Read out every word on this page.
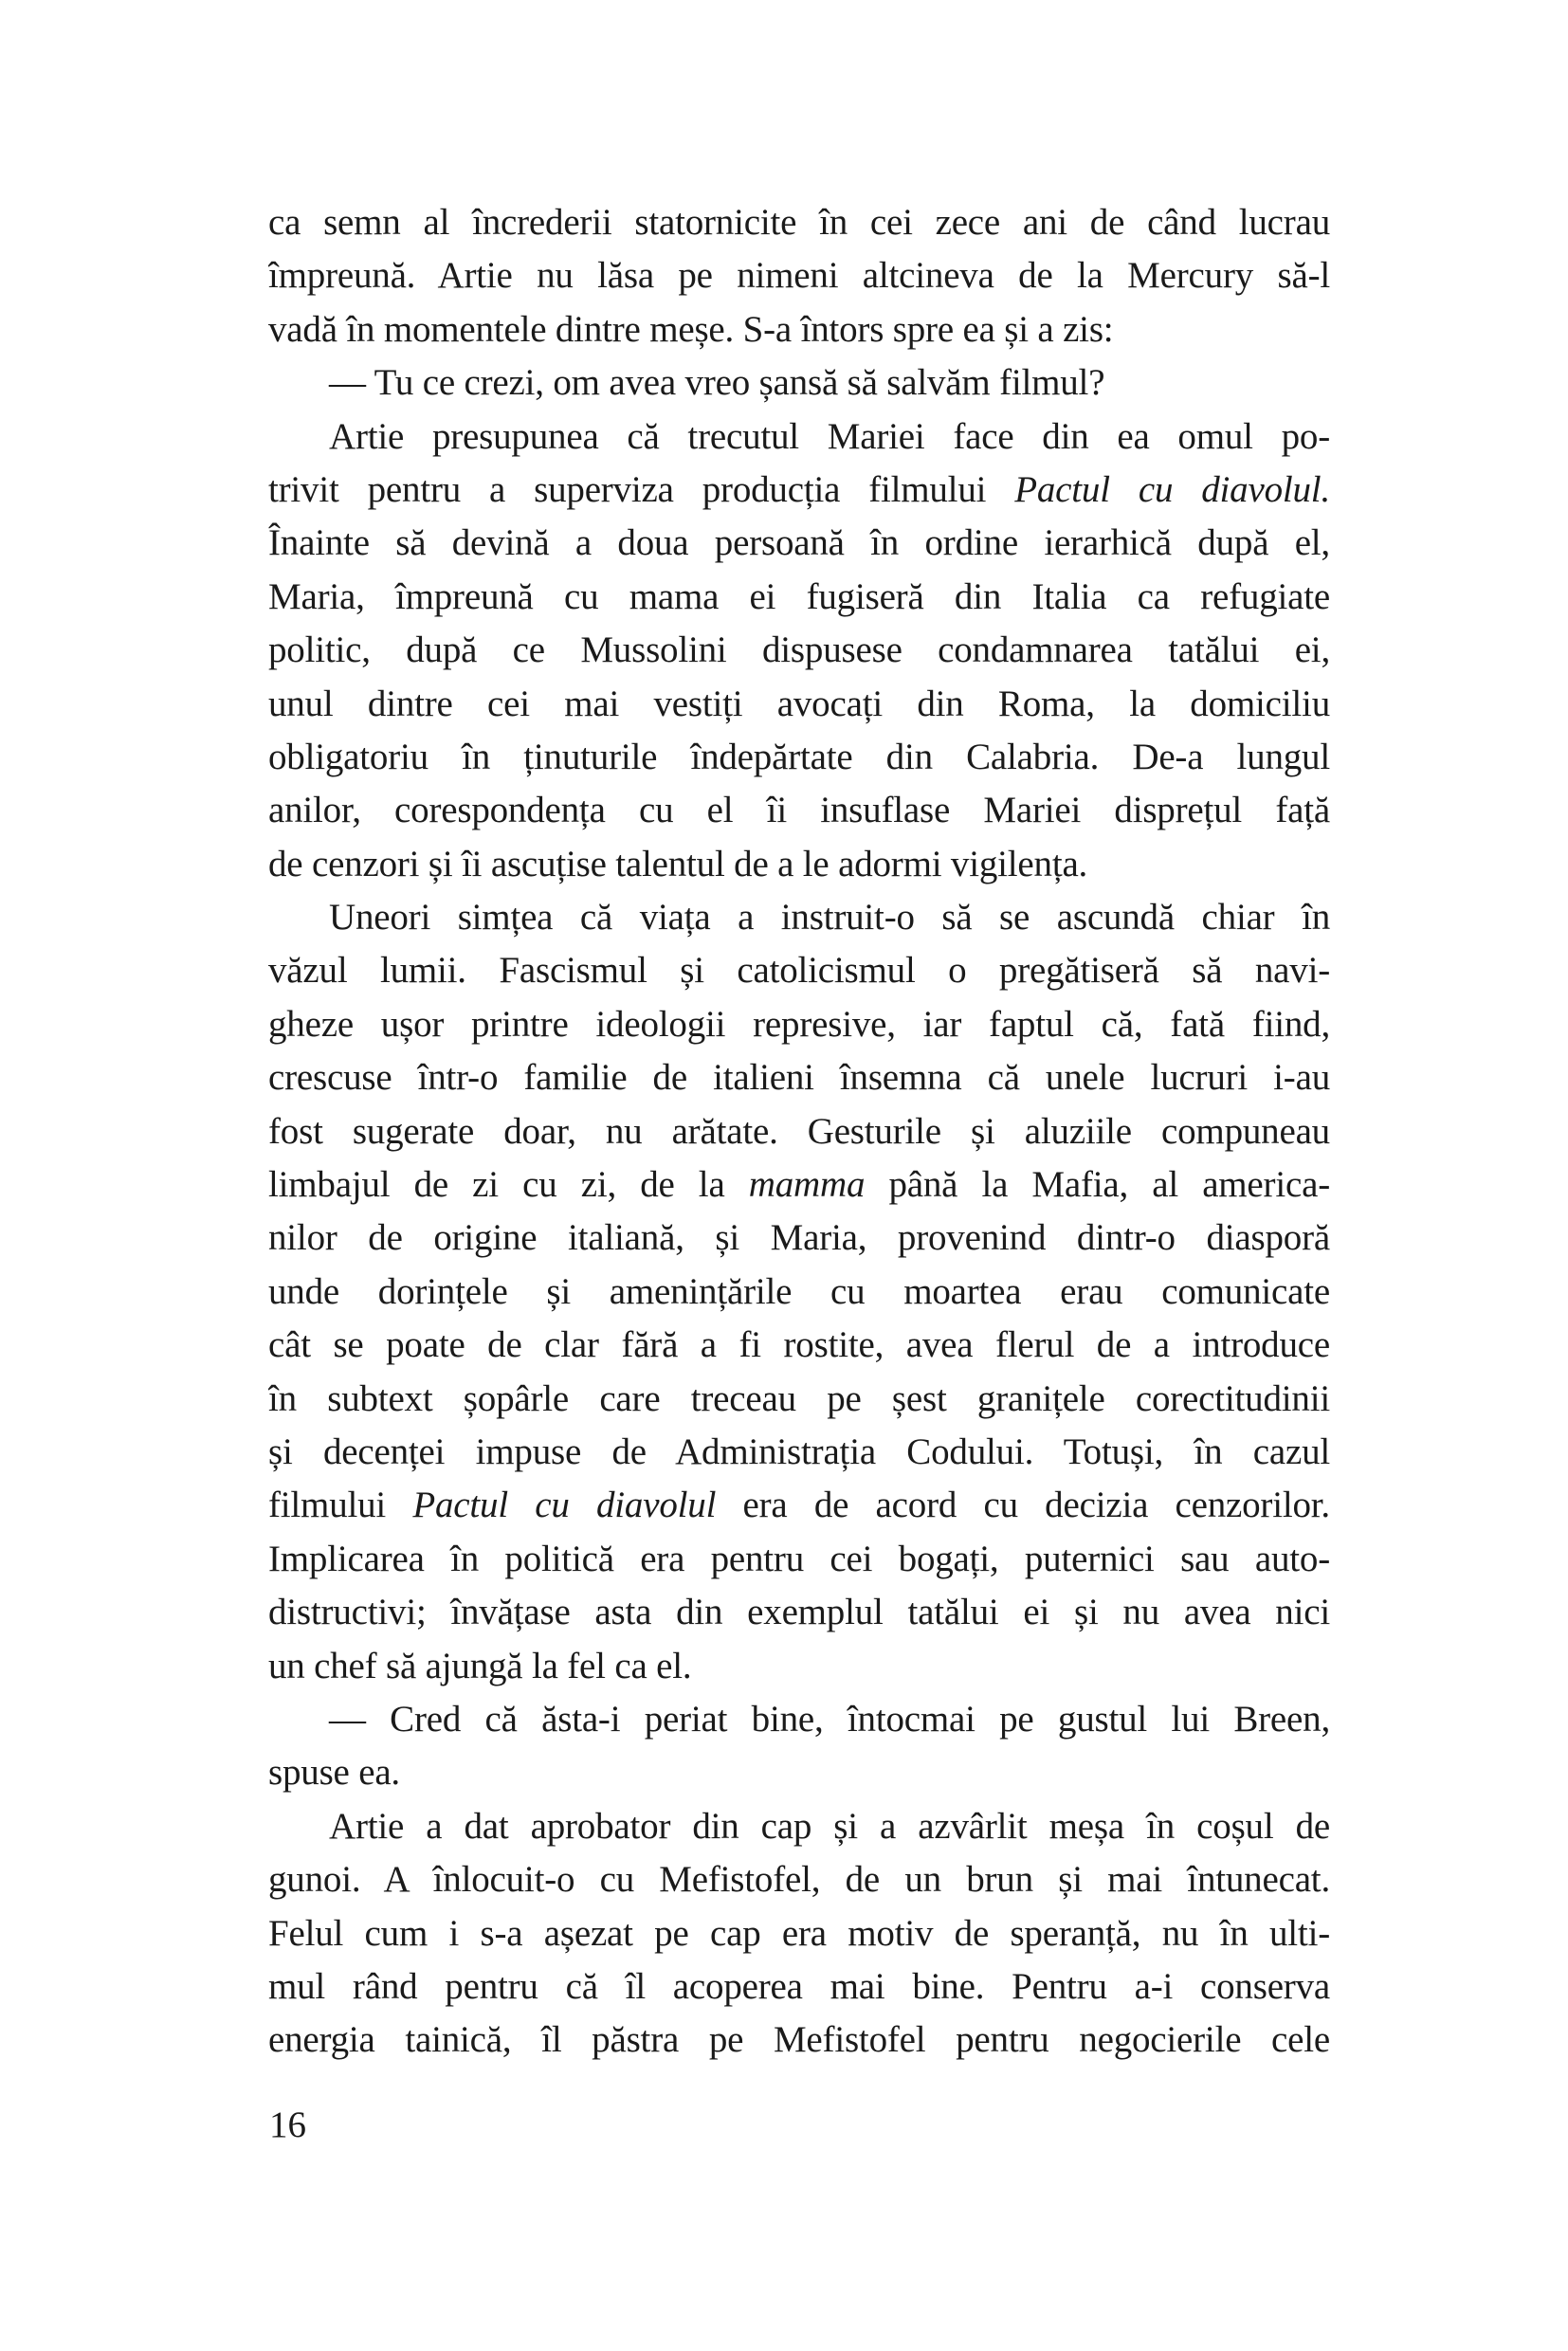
ca semn al încrederii statornicite în cei zece ani de când lucrau
împreună. Artie nu lăsa pe nimeni altcineva de la Mercury să-l
vadă în momentele dintre meșe. S-a întors spre ea și a zis:
— Tu ce crezi, om avea vreo șansă să salvăm filmul?
Artie presupunea că trecutul Mariei face din ea omul po-
trivit pentru a superviza producția filmului Pactul cu diavolul.
Înainte să devină a doua persoană în ordine ierarhică după el,
Maria, împreună cu mama ei fugiseră din Italia ca refugiate
politic, după ce Mussolini dispusese condamnarea tatălui ei,
unul dintre cei mai vestiți avocați din Roma, la domiciliu
obligatoriu în ținuturile îndepărtate din Calabria. De-a lungul
anilor, corespondența cu el îi insuflase Mariei disprețul față
de cenzori și îi ascuțise talentul de a le adormi vigilența.
Uneori simțea că viața a instruit-o să se ascundă chiar în
văzul lumii. Fascismul și catolicismul o pregătiseră să navi-
gheze ușor printre ideologii represive, iar faptul că, fată fiind,
crescuse într-o familie de italieni însemna că unele lucruri i-au
fost sugerate doar, nu arătate. Gesturile și aluziile compuneau
limbajul de zi cu zi, de la mamma până la Mafia, al america-
nilor de origine italiană, și Maria, provenind dintr-o diasporă
unde dorințele și amenințările cu moartea erau comunicate
cât se poate de clar fără a fi rostite, avea flerul de a introduce
în subtext șopârle care treceau pe șest granițele corectitudinii
și decenței impuse de Administrația Codului. Totuși, în cazul
filmului Pactul cu diavolul era de acord cu decizia cenzorilor.
Implicarea în politică era pentru cei bogați, puternici sau auto-
distructivi; învățase asta din exemplul tatălui ei și nu avea nici
un chef să ajungă la fel ca el.
— Cred că ăsta-i periat bine, întocmai pe gustul lui Breen,
spuse ea.
Artie a dat aprobator din cap și a azvârlit meșa în coșul de
gunoi. A înlocuit-o cu Mefistofel, de un brun și mai întunecat.
Felul cum i s-a așezat pe cap era motiv de speranță, nu în ulti-
mul rând pentru că îl acoperea mai bine. Pentru a-i conserva
energia tainică, îl păstra pe Mefistofel pentru negocierile cele
16
